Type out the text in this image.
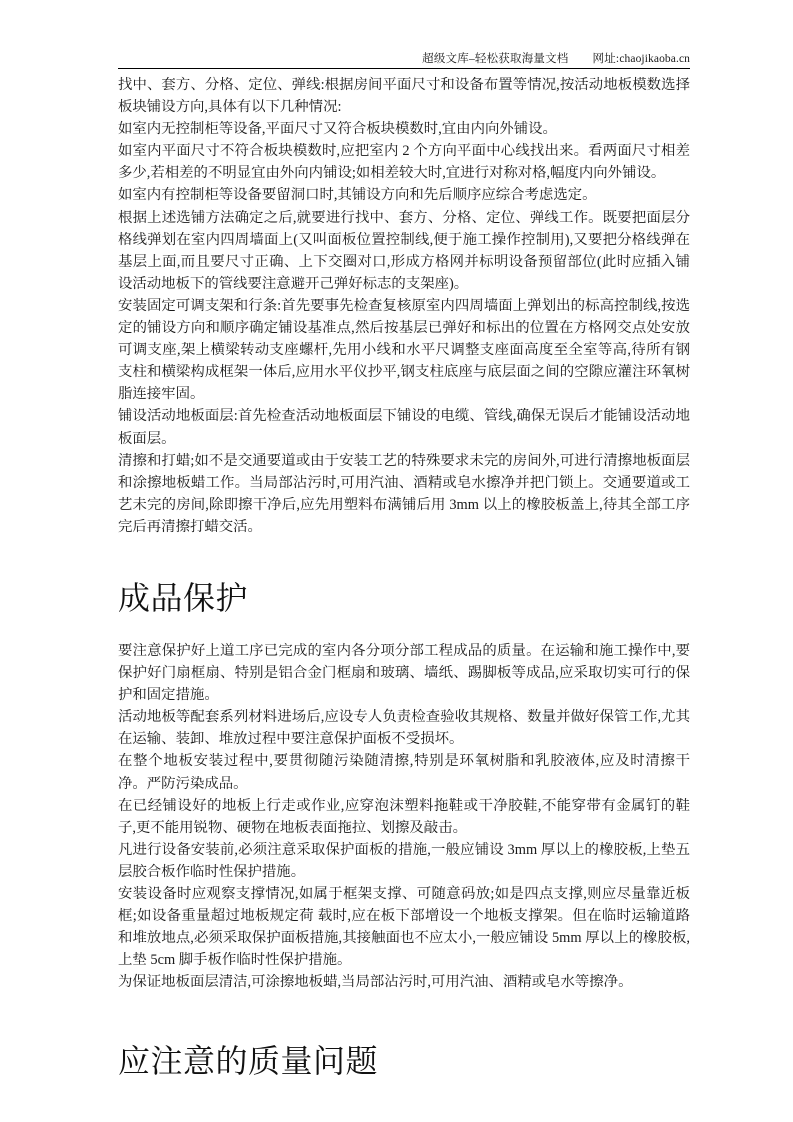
超级文库–轻松获取海量文档 网址:chaojikaoba.cn

找中、套方、分格、定位、弹线:根据房间平面尺寸和设备布置等情况,按活动地板模数选择板块铺设方向,具体有以下几种情况:

如室内无控制柜等设备,平面尺寸又符合板块模数时,宜由内向外铺设。

如室内平面尺寸不符合板块模数时,应把室内 2 个方向平面中心线找出来。看两面尺寸相差多少,若相差的不明显宜由外向内铺设;如相差较大时,宜进行对称对格,幅度内向外铺设。

如室内有控制柜等设备要留洞口时,其铺设方向和先后顺序应综合考虑选定。

根据上述选铺方法确定之后,就要进行找中、套方、分格、定位、弹线工作。既要把面层分格线弹划在室内四周墙面上(又叫面板位置控制线,便于施工操作控制用),又要把分格线弹在基层上面,而且要尺寸正确、上下交圈对口,形成方格网并标明设备预留部位(此时应插入铺设活动地板下的管线要注意避开己弹好标志的支架座)。

安装固定可调支架和行条:首先要事先检查复核原室内四周墙面上弹划出的标高控制线,按选定的铺设方向和顺序确定铺设基准点,然后按基层已弹好和标出的位置在方格网交点处安放可调支座,架上横梁转动支座螺杆,先用小线和水平尺调整支座面高度至全室等高,待所有钢支柱和横梁构成框架一体后,应用水平仪抄平,钢支柱底座与底层面之间的空隙应灌注环氧树脂连接牢固。

铺设活动地板面层:首先检查活动地板面层下铺设的电缆、管线,确保无误后才能铺设活动地板面层。

清擦和打蜡;如不是交通要道或由于安装工艺的特殊要求未完的房间外,可进行清擦地板面层和涂擦地板蜡工作。当局部沾污时,可用汽油、酒精或皂水擦净并把门锁上。交通要道或工艺未完的房间,除即擦干净后,应先用塑料布满铺后用 3mm 以上的橡胶板盖上,待其全部工序完后再清擦打蜡交活。

成品保护

要注意保护好上道工序已完成的室内各分项分部工程成品的质量。在运输和施工操作中,要保护好门扇框扇、特别是铝合金门框扇和玻璃、墙纸、踢脚板等成品,应采取切实可行的保护和固定措施。

活动地板等配套系列材料进场后,应设专人负责检查验收其规格、数量并做好保管工作,尤其在运输、装卸、堆放过程中要注意保护面板不受损坏。

在整个地板安装过程中,要贯彻随污染随清擦,特别是环氧树脂和乳胶液体,应及时清擦干净。严防污染成品。

在已经铺设好的地板上行走或作业,应穿泡沫塑料拖鞋或干净胶鞋,不能穿带有金属钉的鞋子,更不能用锐物、硬物在地板表面拖拉、划擦及敲击。

凡进行设备安装前,必须注意采取保护面板的措施,一般应铺设 3mm 厚以上的橡胶板,上垫五层胶合板作临时性保护措施。

安装设备时应观察支撑情况,如属于框架支撑、可随意码放;如是四点支撑,则应尽量靠近板框;如设备重量超过地板规定荷 载时,应在板下部增设一个地板支撑架。但在临时运输道路和堆放地点,必须采取保护面板措施,其接触面也不应太小,一般应铺设 5mm 厚以上的橡胶板,上垫 5cm 脚手板作临时性保护措施。

为保证地板面层清洁,可涂擦地板蜡,当局部沾污时,可用汽油、酒精或皂水等擦净。

应注意的质量问题
